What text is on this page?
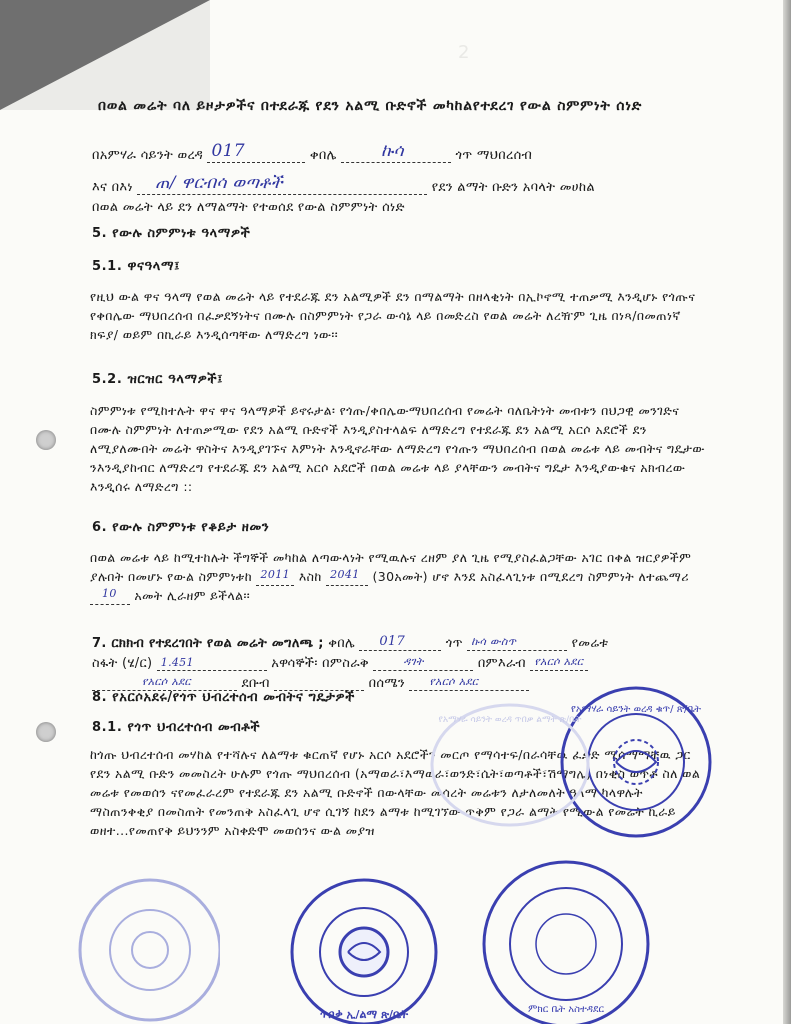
2
በወል መሬት ባለ ይዞታዎችና በተደራጁ የደን አልሚ ቡድኖች መካከልየተደረገ የውል ስምምነት ሰነድ
በአምሃራ ሳይንት ወረዳ 017	ቀበሌ	ኩሳ	ጎጥ ማህበረሰብ
እና በእነ ጠ/ ዋርብሳ ወጣቶች	የደን ልማት ቡድን አባላት መሀከል
በወል መሬት ላይ ደን ለማልማት የተወሰደ የውል ስምምነት ሰነድ
5. የውሉ ስምምነቱ ዓላማዎች
5.1. ዋናዓላማ፤
የዚህ ውል ዋና ዓላማ የወል መሬት ላይ የተደራጁ ደን አልሚዎች ደን በማልማት በዘላቂነት በኢኮኖሚ ተጠቃሚ እንዲሆኑ የጎጡና የቀበሌው ማህበረሰብ በፈቃደኝነትና በሙሉ በስምምነት የጋራ ውሳኔ ላይ በመድረስ የወል መሬት ለረዥም ጊዜ በነጻ/በመጠነኛ ክፍያ/ ወይም በኪራይ እንዲሰጣቸው ለማድረግ ነው፡፡
5.2. ዝርዝር ዓላማዎች፤
ስምምነቱ የሚከተሉት ዋና ዋና ዓላማዎች ይኖሩታል፡ የጎጡ/ቀበሌውማህበረሰብ የመሬት ባለቤትነት መብቱን በህጋዊ መንገድና በሙሉ ስምምነት ለተጠቃሚው የደን አልሚ ቡድኖች እንዲያስተላልፍ ለማድረግ የተደራጁ ደን አልሚ አርሶ አደሮች ደን ለሚያለሙበት መሬት ዋስትና እንዲያገኙና እምነት እንዲኖራቸው ለማድረግ የጎጡን ማህበረሰብ በወል መሬቱ ላይ መብትና ግዴታው ንእንዲያከብር ለማድረግ የተደራጁ ደን አልሚ አርሶ አደሮች በወል መሬቱ ላይ ያላቸውን መብትና ግዴታ እንዲያውቁና አክብረው እንዲሰሩ ለማድረግ ::
6. የውሉ ስምምነቱ የቆይታ ዘመን
በወል መሬቱ ላይ ከሚተከሉት ችግኞች መካከል ለጣውላነት የሚዉሉና ረዘም ያለ ጊዜ የሚያስፈልጋቸው አገር በቀል ዝርያዎችም ያሉበት በመሆኑ የውል ስምምነቱከ 2011 እስከ 2041 (30አመት) ሆኖ እንደ አስፈላጊነቱ በሚደረግ ስምምነት ለተጨማሪ
10 አመት ሊራዘም ይችላል፡፡
7. ርክክብ የተደረገበት የወል መሬት መግለጫ ; ቀበሌ 017	ጎጥ ኩሳ ውስጥ	የመሬቱ
ስፋት (ሄ/ር) 1.451	አዋሳኞች፡ በምስራቅ	ዳገት	በምእራብ የአርሶ አደር
የአርሶ አደር	ደቡብ	በሰሜን የአርሶ አደር
8. የአርሶአደሩ/የጎጥ ህብረተሰብ መብትና ግዴታዎች
8.1. የጎጥ ህብረተሰብ መብቶች
ከጎጡ ህብረተሰብ መሃከል የተሻሉና ለልማቱ ቁርጠኛ የሆኑ አርሶ አደሮችን መርጦ የማሳተፍ/በራሳቸዉ ፈቃድ ሚሰማማቸዉ ጋር የደን አልሚ ቡድን መመስረት ሁሉም የጎጡ ማህበረሰብ (አማወራ፣እማወራ፣ወንድ፣ሴት፣ወጣቶች፣ሽማግሌ) በነቂስ ወጥቶ ስለ ወል መሬቱ የመወሰን ናየመፈራረም የተደራጁ ደን አልሚ ቡድኖች በውላቸው መሰረት መሬቱን ለታለመለት ዓላማ ካላዋሉት ማስጠንቀቂያ በመስጠት የመንጠቅ አስፈላጊ ሆኖ ሲገኝ ከደን ልማቱ ከሚገኘው ጥቅም የጋራ ልማት የሚውል የመሬት ኪራይ ወዘተ...የመጠየቅ ይህንንም አስቀድሞ መወሰንና ውል መያዝ
የአማሃራ ሳይንት ወረዳ ቁጥ/ ጽ/ቤት
ጥበቃ ኢ/ልማ ጽ/ቤት	ምክር ቤት አስተዳደር
የአማሃራ ሳይንት ወረዳ ጥበቃ ልማት ጽ/ቤት
